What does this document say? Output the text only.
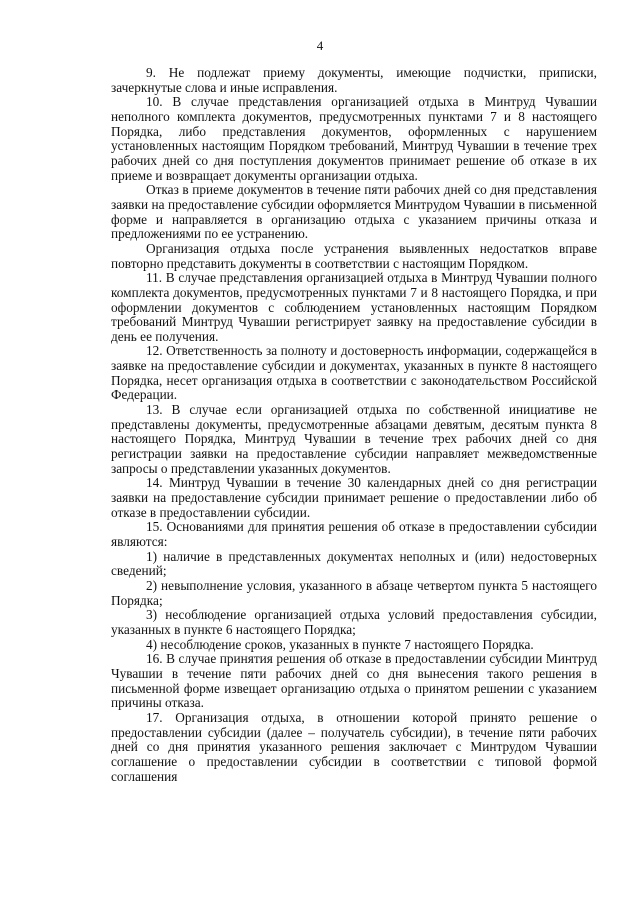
4

9. Не подлежат приему документы, имеющие подчистки, приписки, зачеркнутые слова и иные исправления.

10. В случае представления организацией отдыха в Минтруд Чувашии неполного комплекта документов, предусмотренных пунктами 7 и 8 настоящего Порядка, либо представления документов, оформленных с нарушением установленных настоящим Порядком требований, Минтруд Чувашии в течение трех рабочих дней со дня поступления документов принимает решение об отказе в их приеме и возвращает документы организации отдыха.

Отказ в приеме документов в течение пяти рабочих дней со дня представления заявки на предоставление субсидии оформляется Минтрудом Чувашии в письменной форме и направляется в организацию отдыха с указанием причины отказа и предложениями по ее устранению.

Организация отдыха после устранения выявленных недостатков вправе повторно представить документы в соответствии с настоящим Порядком.

11. В случае представления организацией отдыха в Минтруд Чувашии полного комплекта документов, предусмотренных пунктами 7 и 8 настоящего Порядка, и при оформлении документов с соблюдением установленных настоящим Порядком требований Минтруд Чувашии регистрирует заявку на предоставление субсидии в день ее получения.

12. Ответственность за полноту и достоверность информации, содержащейся в заявке на предоставление субсидии и документах, указанных в пункте 8 настоящего Порядка, несет организация отдыха в соответствии с законодательством Российской Федерации.

13. В случае если организацией отдыха по собственной инициативе не представлены документы, предусмотренные абзацами девятым, десятым пункта 8 настоящего Порядка, Минтруд Чувашии в течение трех рабочих дней со дня регистрации заявки на предоставление субсидии направляет межведомственные запросы о представлении указанных документов.

14. Минтруд Чувашии в течение 30 календарных дней со дня регистрации заявки на предоставление субсидии принимает решение о предоставлении либо об отказе в предоставлении субсидии.

15. Основаниями для принятия решения об отказе в предоставлении субсидии являются:

1) наличие в представленных документах неполных и (или) недостоверных сведений;

2) невыполнение условия, указанного в абзаце четвертом пункта 5 настоящего Порядка;

3) несоблюдение организацией отдыха условий предоставления субсидии, указанных в пункте 6 настоящего Порядка;

4) несоблюдение сроков, указанных в пункте 7 настоящего Порядка.

16. В случае принятия решения об отказе в предоставлении субсидии Минтруд Чувашии в течение пяти рабочих дней со дня вынесения такого решения в письменной форме извещает организацию отдыха о принятом решении с указанием причины отказа.

17. Организация отдыха, в отношении которой принято решение о предоставлении субсидии (далее – получатель субсидии), в течение пяти рабочих дней со дня принятия указанного решения заключает с Минтрудом Чувашии соглашение о предоставлении субсидии в соответствии с типовой формой соглашения
